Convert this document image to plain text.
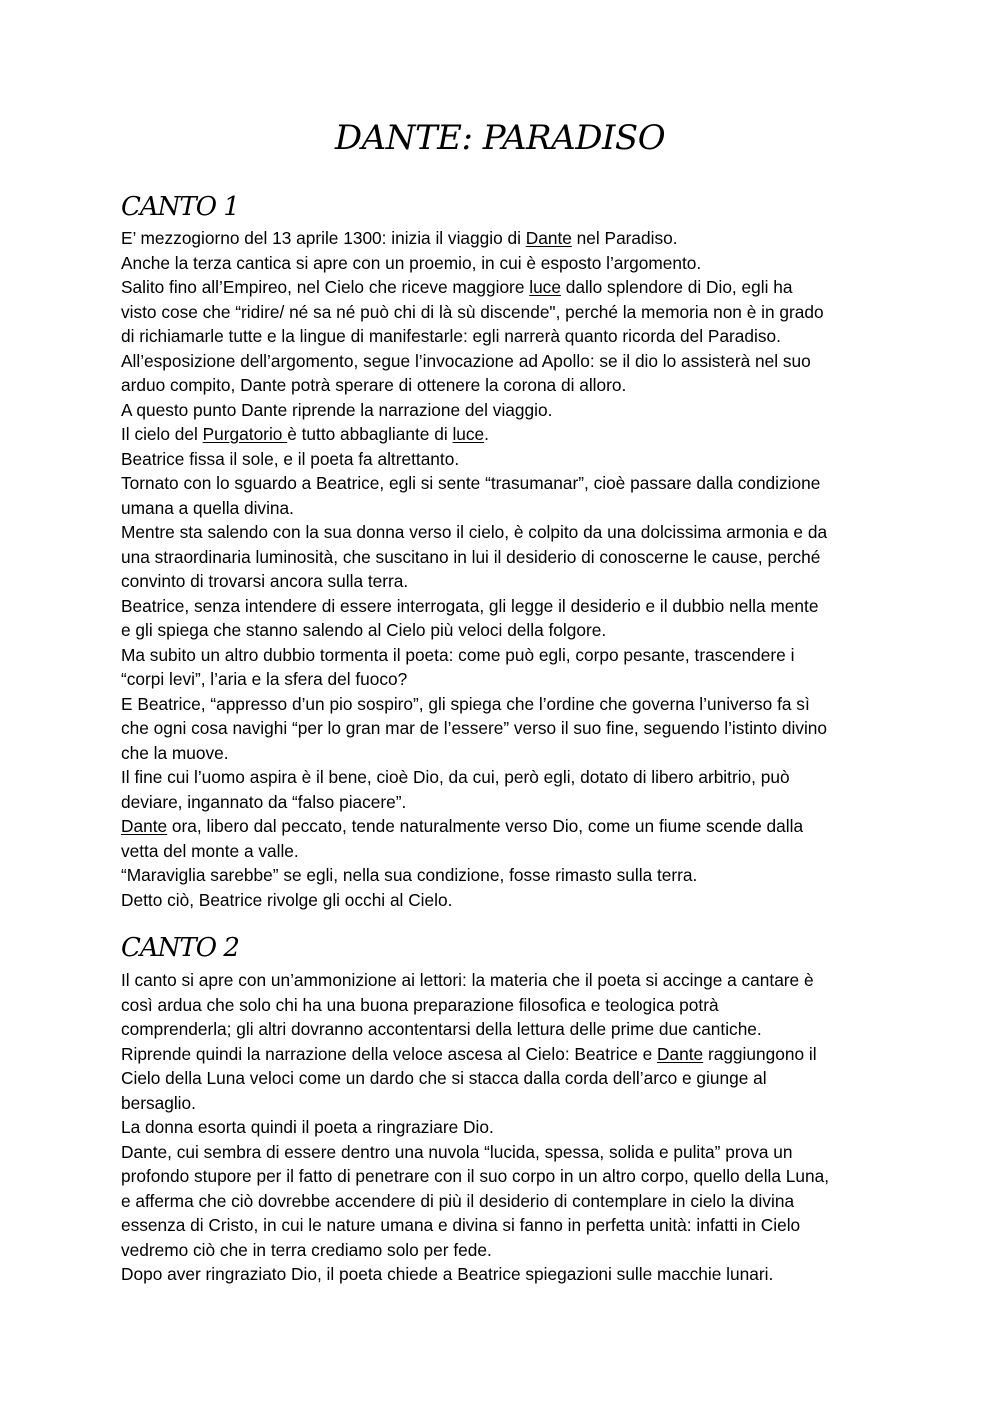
DANTE: PARADISO
CANTO 1

E’ mezzogiorno del 13 aprile 1300: inizia il viaggio di Dante nel Paradiso.

Anche la terza cantica si apre con un proemio, in cui è esposto l’argomento.

Salito fino all’Empireo, nel Cielo che riceve maggiore luce dallo splendore di Dio, egli ha

visto cose che “ridire/ né sa né può chi di là sù discende", perché la memoria non è in grado

di richiamarle tutte e la lingue di manifestarle: egli narrerà quanto ricorda del Paradiso.

All’esposizione dell’argomento, segue l’invocazione ad Apollo: se il dio lo assisterà nel suo

arduo compito, Dante potrà sperare di ottenere la corona di alloro.

A questo punto Dante riprende la narrazione del viaggio.

Il cielo del Purgatorio è tutto abbagliante di luce.

Beatrice fissa il sole, e il poeta fa altrettanto.

Tornato con lo sguardo a Beatrice, egli si sente “trasumanar”, cioè passare dalla condizione

umana a quella divina.

Mentre sta salendo con la sua donna verso il cielo, è colpito da una dolcissima armonia e da

una straordinaria luminosità, che suscitano in lui il desiderio di conoscerne le cause, perché

convinto di trovarsi ancora sulla terra.

Beatrice, senza intendere di essere interrogata, gli legge il desiderio e il dubbio nella mente

e gli spiega che stanno salendo al Cielo più veloci della folgore.

Ma subito un altro dubbio tormenta il poeta: come può egli, corpo pesante, trascendere i

“corpi levi”, l’aria e la sfera del fuoco?

E Beatrice, “appresso d’un pio sospiro”, gli spiega che l’ordine che governa l’universo fa sì

che ogni cosa navighi “per lo gran mar de l’essere” verso il suo fine, seguendo l’istinto divino

che la muove.

Il fine cui l’uomo aspira è il bene, cioè Dio, da cui, però egli, dotato di libero arbitrio, può

deviare, ingannato da “falso piacere”.

Dante ora, libero dal peccato, tende naturalmente verso Dio, come un fiume scende dalla

vetta del monte a valle.

“Maraviglia sarebbe” se egli, nella sua condizione, fosse rimasto sulla terra.

Detto ciò, Beatrice rivolge gli occhi al Cielo.

CANTO 2

Il canto si apre con un’ammonizione ai lettori: la materia che il poeta si accinge a cantare è

così ardua che solo chi ha una buona preparazione filosofica e teologica potrà

comprenderla; gli altri dovranno accontentarsi della lettura delle prime due cantiche.

Riprende quindi la narrazione della veloce ascesa al Cielo: Beatrice e Dante raggiungono il

Cielo della Luna veloci come un dardo che si stacca dalla corda dell’arco e giunge al

bersaglio.

La donna esorta quindi il poeta a ringraziare Dio.

Dante, cui sembra di essere dentro una nuvola “lucida, spessa, solida e pulita” prova un

profondo stupore per il fatto di penetrare con il suo corpo in un altro corpo, quello della Luna,

e afferma che ciò dovrebbe accendere di più il desiderio di contemplare in cielo la divina

essenza di Cristo, in cui le nature umana e divina si fanno in perfetta unità: infatti in Cielo

vedremo ciò che in terra crediamo solo per fede.

Dopo aver ringraziato Dio, il poeta chiede a Beatrice spiegazioni sulle macchie lunari.
